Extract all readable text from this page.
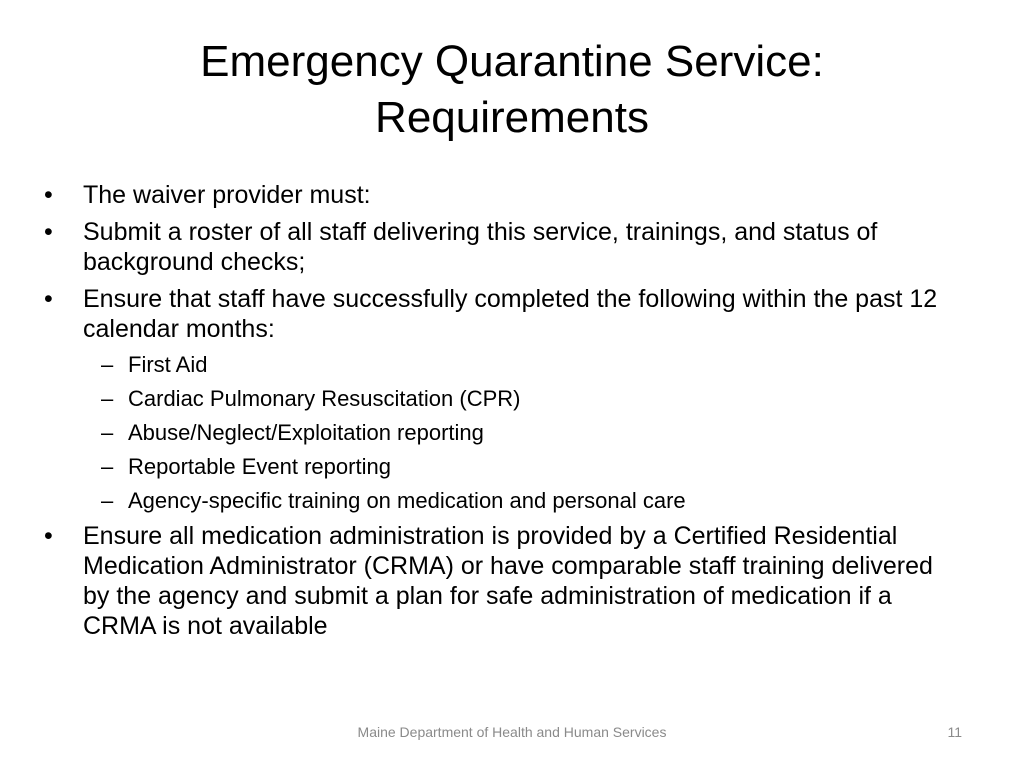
Emergency Quarantine Service:
Requirements
•	The waiver provider must:
•	Submit a roster of all staff delivering this service, trainings, and status of background checks;
•	Ensure that staff have successfully completed the following within the past 12 calendar months:
– First Aid
– Cardiac Pulmonary Resuscitation (CPR)
– Abuse/Neglect/Exploitation reporting
– Reportable Event reporting
– Agency-specific training on medication and personal care
•	Ensure all medication administration is provided by a Certified Residential Medication Administrator (CRMA) or have comparable staff training delivered by the agency and submit a plan for safe administration of medication if a CRMA is not available
Maine Department of Health and Human Services	11
